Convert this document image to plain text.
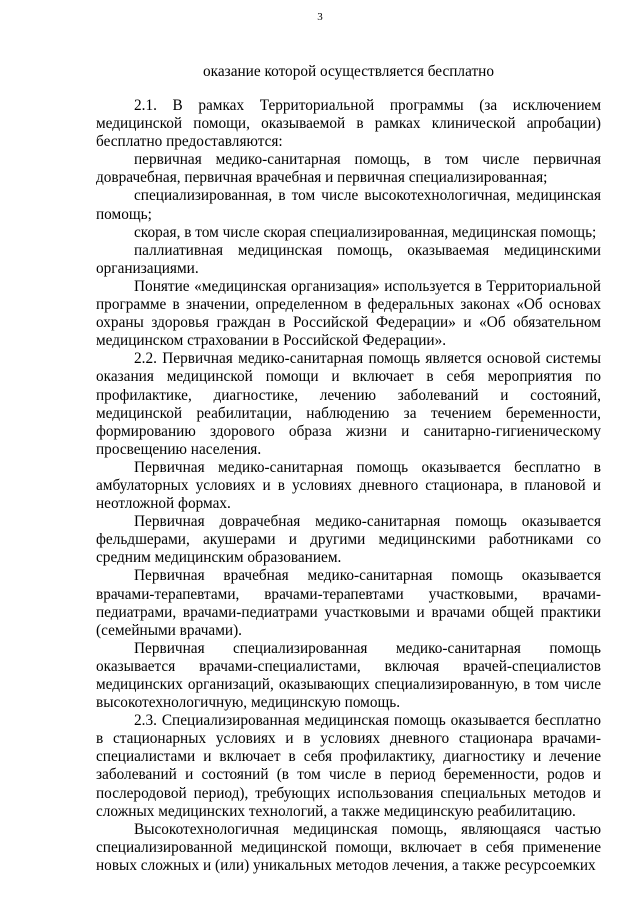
3
оказание которой осуществляется бесплатно

2.1. В рамках Территориальной программы (за исключением медицинской помощи, оказываемой в рамках клинической апробации) бесплатно предоставляются:

первичная медико-санитарная помощь, в том числе первичная доврачебная, первичная врачебная и первичная специализированная;

специализированная, в том числе высокотехнологичная, медицинская помощь;

скорая, в том числе скорая специализированная, медицинская помощь;

паллиативная медицинская помощь, оказываемая медицинскими организациями.

Понятие «медицинская организация» используется в Территориальной программе в значении, определенном в федеральных законах «Об основах охраны здоровья граждан в Российской Федерации» и «Об обязательном медицинском страховании в Российской Федерации».

2.2. Первичная медико-санитарная помощь является основой системы оказания медицинской помощи и включает в себя мероприятия по профилактике, диагностике, лечению заболеваний и состояний, медицинской реабилитации, наблюдению за течением беременности, формированию здорового образа жизни и санитарно-гигиеническому просвещению населения.

Первичная медико-санитарная помощь оказывается бесплатно в амбулаторных условиях и в условиях дневного стационара, в плановой и неотложной формах.

Первичная доврачебная медико-санитарная помощь оказывается фельдшерами, акушерами и другими медицинскими работниками со средним медицинским образованием.

Первичная врачебная медико-санитарная помощь оказывается врачами-терапевтами, врачами-терапевтами участковыми, врачами-педиатрами, врачами-педиатрами участковыми и врачами общей практики (семейными врачами).

Первичная специализированная медико-санитарная помощь оказывается врачами-специалистами, включая врачей-специалистов медицинских организаций, оказывающих специализированную, в том числе высокотехнологичную, медицинскую помощь.

2.3. Специализированная медицинская помощь оказывается бесплатно в стационарных условиях и в условиях дневного стационара врачами-специалистами и включает в себя профилактику, диагностику и лечение заболеваний и состояний (в том числе в период беременности, родов и послеродовой период), требующих использования специальных методов и сложных медицинских технологий, а также медицинскую реабилитацию.

Высокотехнологичная медицинская помощь, являющаяся частью специализированной медицинской помощи, включает в себя применение новых сложных и (или) уникальных методов лечения, а также ресурсоемких
